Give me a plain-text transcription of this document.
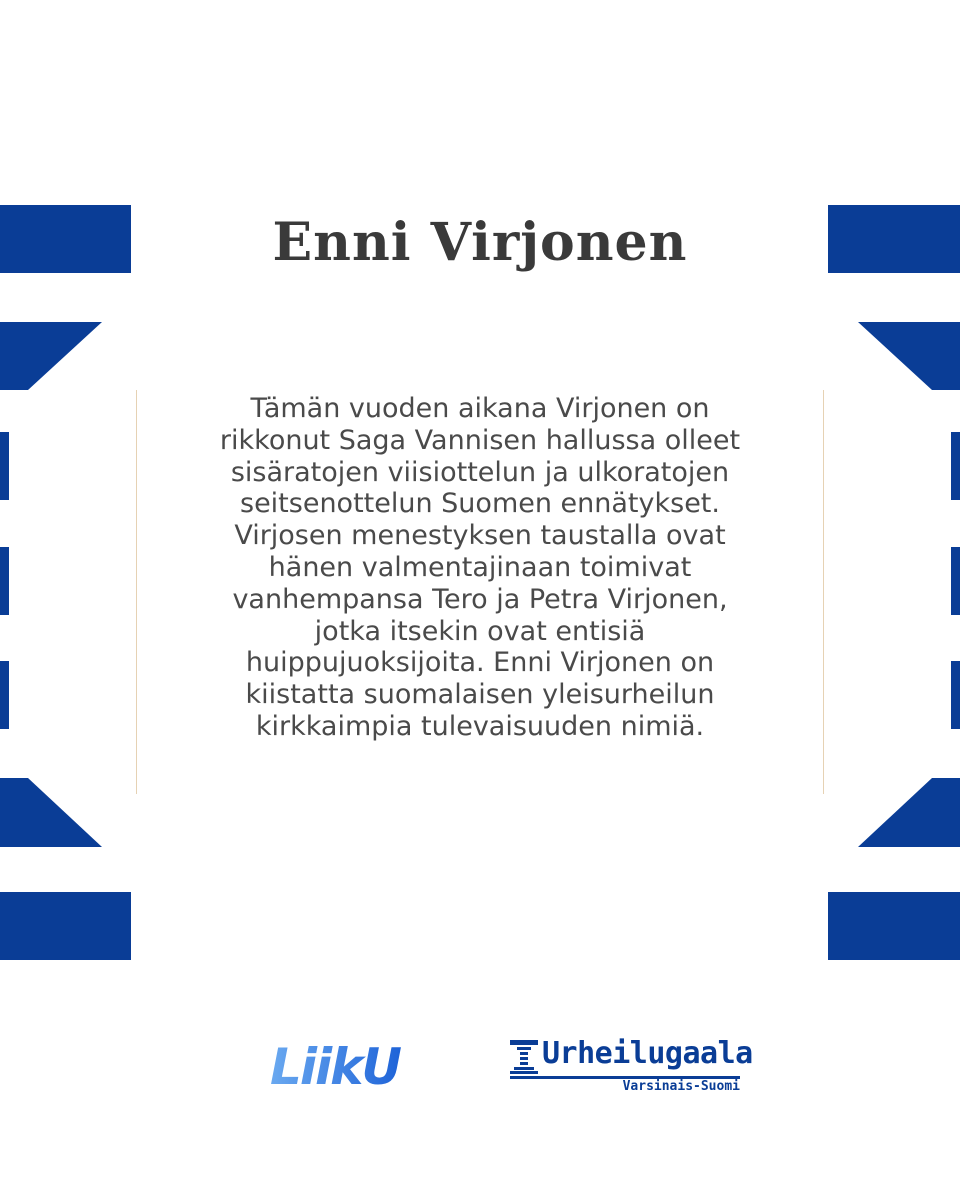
Enni Virjonen

Tämän vuoden aikana Virjonen on
rikkonut Saga Vannisen hallussa olleet
sisäratojen viisiottelun ja ulkoratojen
seitsenottelun Suomen ennätykset.
Virjosen menestyksen taustalla ovat
hänen valmentajinaan toimivat
vanhempansa Tero ja Petra Virjonen,
jotka itsekin ovat entisiä
huippujuoksijoita. Enni Virjonen on
kiistatta suomalaisen yleisurheilun
kirkkaimpia tulevaisuuden nimiä.

LiikU	Urheilugaala
Varsinais-Suomi
